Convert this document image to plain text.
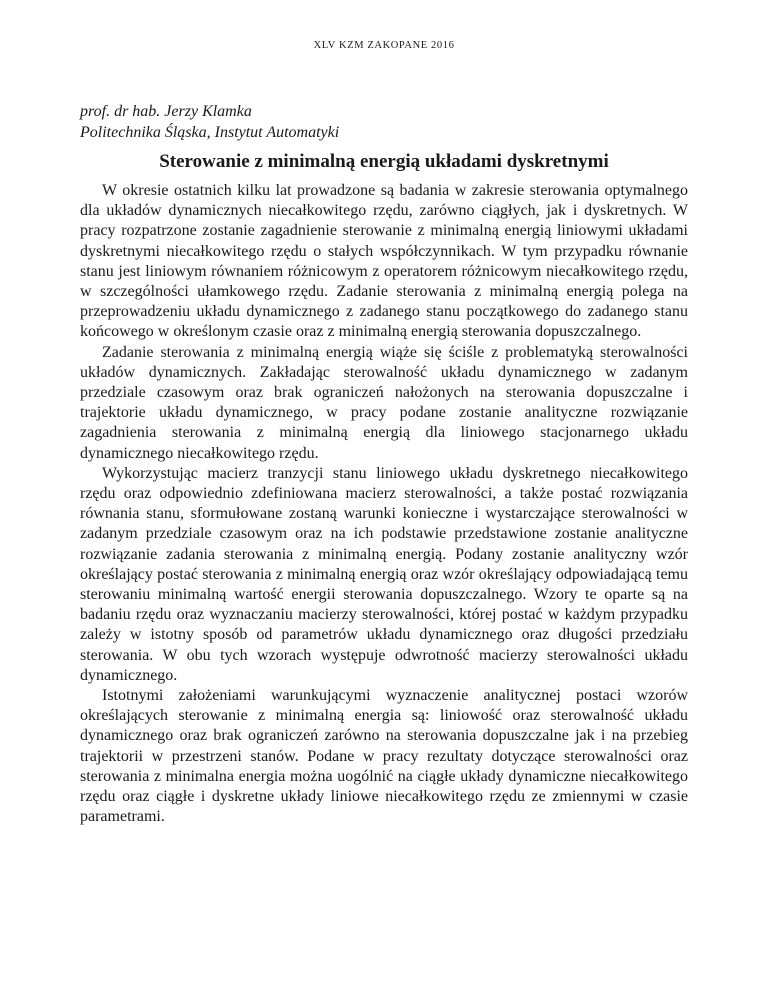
XLV KZM ZAKOPANE 2016
prof. dr hab. Jerzy Klamka
Politechnika Śląska, Instytut Automatyki
Sterowanie z minimalną energią układami dyskretnymi

W okresie ostatnich kilku lat prowadzone są badania w zakresie sterowania optymalnego dla układów dynamicznych niecałkowitego rzędu, zarówno ciągłych, jak i dyskretnych. W pracy rozpatrzone zostanie zagadnienie sterowanie z minimalną energią liniowymi układami dyskretnymi niecałkowitego rzędu o stałych współczynnikach. W tym przypadku równanie stanu jest liniowym równaniem różnicowym z operatorem różnicowym niecałkowitego rzędu, w szczególności ułamkowego rzędu. Zadanie sterowania z minimalną energią polega na przeprowadzeniu układu dynamicznego z zadanego stanu początkowego do zadanego stanu końcowego w określonym czasie oraz z minimalną energią sterowania dopuszczalnego.

Zadanie sterowania z minimalną energią wiąże się ściśle z problematyką sterowalności układów dynamicznych. Zakładając sterowalność układu dynamicznego w zadanym przedziale czasowym oraz brak ograniczeń nałożonych na sterowania dopuszczalne i trajektorie układu dynamicznego, w pracy podane zostanie analityczne rozwiązanie zagadnienia sterowania z minimalną energią dla liniowego stacjonarnego układu dynamicznego niecałkowitego rzędu.

Wykorzystując macierz tranzycji stanu liniowego układu dyskretnego niecałkowitego rzędu oraz odpowiednio zdefiniowana macierz sterowalności, a także postać rozwiązania równania stanu, sformułowane zostaną warunki konieczne i wystarczające sterowalności w zadanym przedziale czasowym oraz na ich podstawie przedstawione zostanie analityczne rozwiązanie zadania sterowania z minimalną energią. Podany zostanie analityczny wzór określający postać sterowania z minimalną energią oraz wzór określający odpowiadającą temu sterowaniu minimalną wartość energii sterowania dopuszczalnego. Wzory te oparte są na badaniu rzędu oraz wyznaczaniu macierzy sterowalności, której postać w każdym przypadku zależy w istotny sposób od parametrów układu dynamicznego oraz długości przedziału sterowania. W obu tych wzorach występuje odwrotność macierzy sterowalności układu dynamicznego.

Istotnymi założeniami warunkującymi wyznaczenie analitycznej postaci wzorów określających sterowanie z minimalną energia są: liniowość oraz sterowalność układu dynamicznego oraz brak ograniczeń zarówno na sterowania dopuszczalne jak i na przebieg trajektorii w przestrzeni stanów. Podane w pracy rezultaty dotyczące sterowalności oraz sterowania z minimalna energia można uogólnić na ciągłe układy dynamiczne niecałkowitego rzędu oraz ciągłe i dyskretne układy liniowe niecałkowitego rzędu ze zmiennymi w czasie parametrami.
